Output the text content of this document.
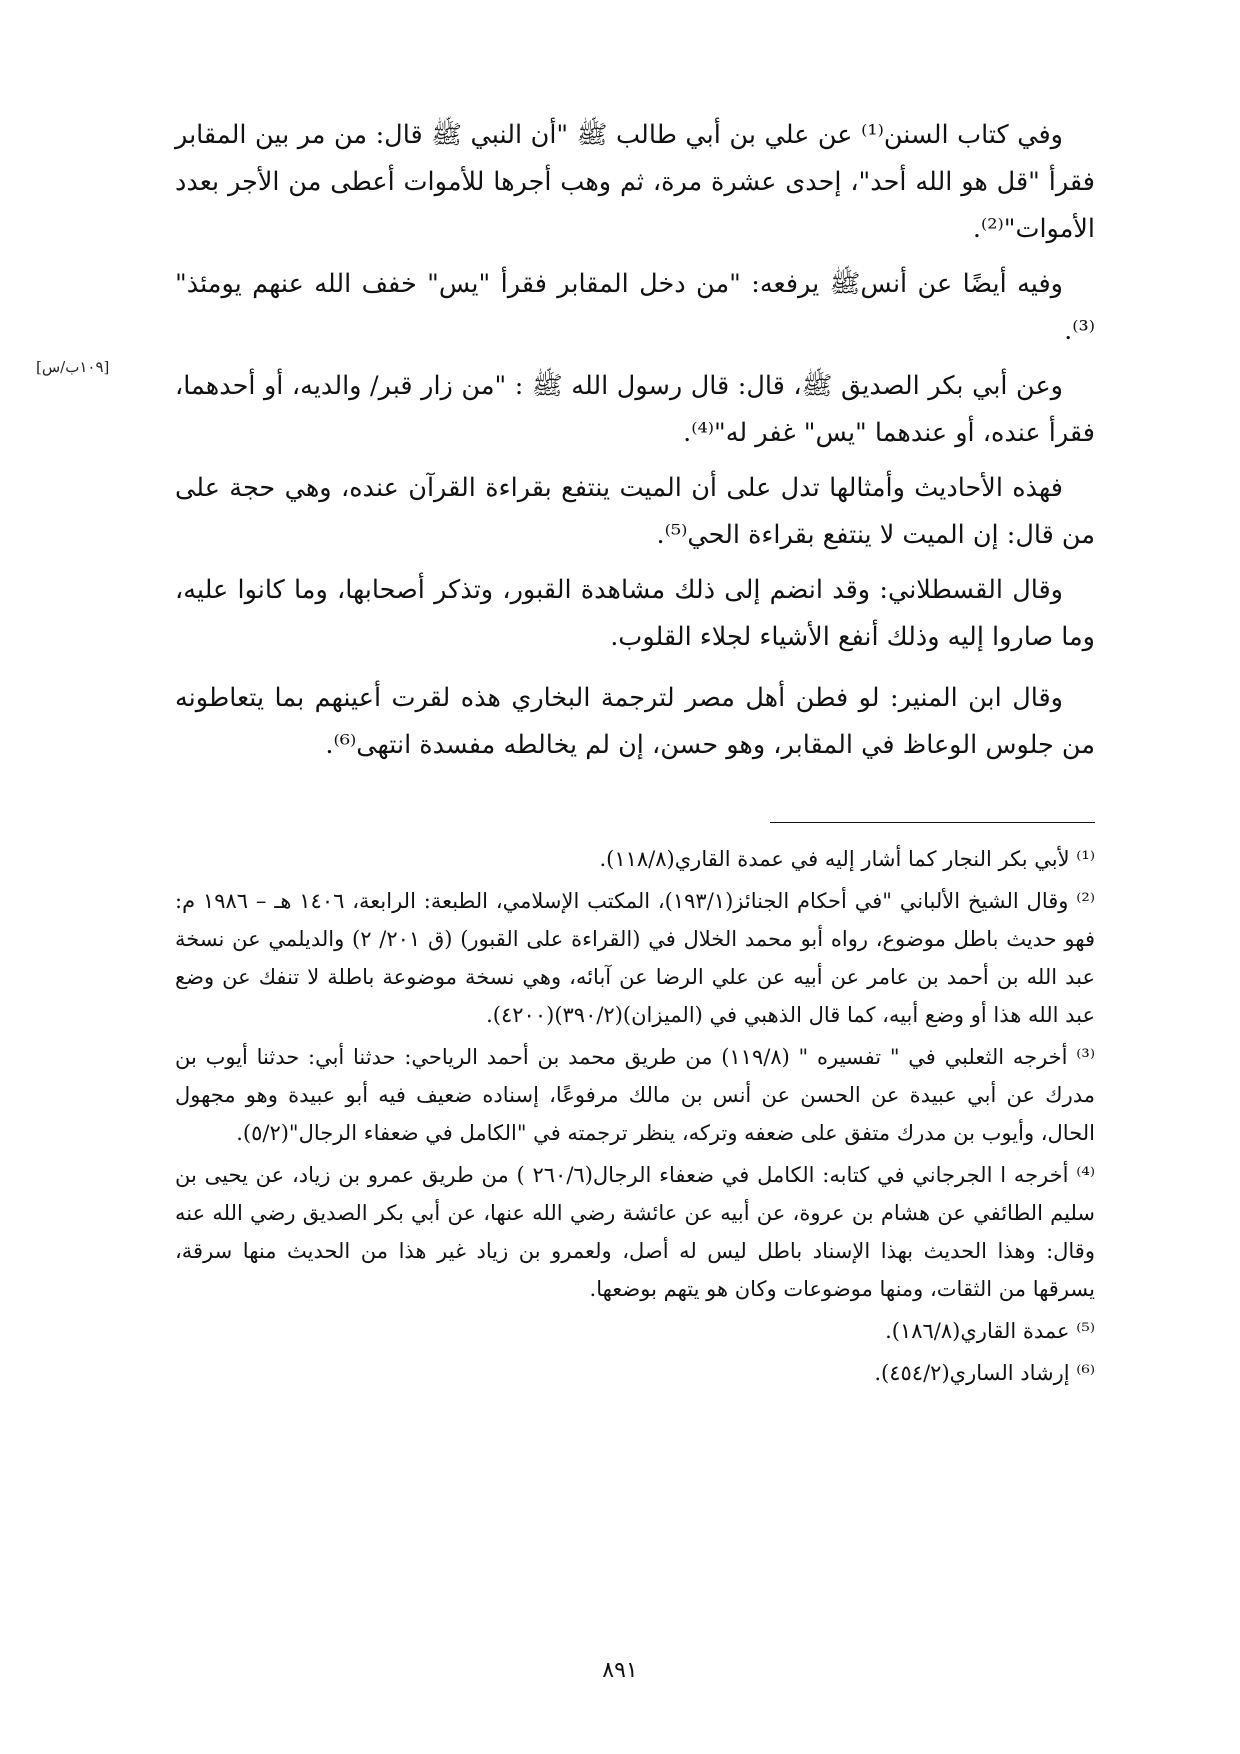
[١٠٩ب/س]

وفي كتاب السنن⁽¹⁾ عن علي بن أبي طالب ﷺ "أن النبي ﷺ قال: من مر بين المقابر فقرأ "قل هو الله أحد"، إحدى عشرة مرة، ثم وهب أجرها للأموات أعطى من الأجر بعدد الأموات"⁽²⁾.

وفيه أيضًا عن أنسﷺ يرفعه: "من دخل المقابر فقرأ "يس" خفف الله عنهم يومئذ" ⁽³⁾.

وعن أبي بكر الصديق ﷺ، قال: قال رسول الله ﷺ : "من زار قبر/ والديه، أو أحدهما، فقرأ عنده، أو عندهما "يس" غفر له"⁽⁴⁾.

فهذه الأحاديث وأمثالها تدل على أن الميت ينتفع بقراءة القرآن عنده، وهي حجة على من قال: إن الميت لا ينتفع بقراءة الحي⁽⁵⁾.

وقال القسطلاني: وقد انضم إلى ذلك مشاهدة القبور، وتذكر أصحابها، وما كانوا عليه، وما صاروا إليه وذلك أنفع الأشياء لجلاء القلوب.

وقال ابن المنير: لو فطن أهل مصر لترجمة البخاري هذه لقرت أعينهم بما يتعاطونه من جلوس الوعاظ في المقابر، وهو حسن، إن لم يخالطه مفسدة انتهى⁽⁶⁾.

⁽¹⁾ لأبي بكر النجار كما أشار إليه في عمدة القاري(١١٨/٨).

⁽²⁾ وقال الشيخ الألباني "في أحكام الجنائز(١٩٣/١)، المكتب الإسلامي، الطبعة: الرابعة، ١٤٠٦ هـ – ١٩٨٦ م: فهو حديث باطل موضوع، رواه أبو محمد الخلال في (القراءة على القبور) (ق ٢٠١/ ٢) والديلمي عن نسخة عبد الله بن أحمد بن عامر عن أبيه عن علي الرضا عن آبائه، وهي نسخة موضوعة باطلة لا تنفك عن وضع عبد الله هذا أو وضع أبيه، كما قال الذهبي في (الميزان)(٣٩٠/٢)(٤٢٠٠).

⁽³⁾ أخرجه الثعلبي في " تفسيره " (١١٩/٨) من طريق محمد بن أحمد الرياحي: حدثنا أبي: حدثنا أيوب بن مدرك عن أبي عبيدة عن الحسن عن أنس بن مالك مرفوعًا، إسناده ضعيف فيه أبو عبيدة وهو مجهول الحال، وأيوب بن مدرك متفق على ضعفه وتركه، ينظر ترجمته في "الكامل في ضعفاء الرجال"(٥/٢).

⁽⁴⁾ أخرجه ا الجرجاني في كتابه: الكامل في ضعفاء الرجال(٢٦٠/٦ ) من طريق عمرو بن زياد، عن يحيى بن سليم الطائفي عن هشام بن عروة، عن أبيه عن عائشة رضي الله عنها، عن أبي بكر الصديق رضي الله عنه وقال: وهذا الحديث بهذا الإسناد باطل ليس له أصل، ولعمرو بن زياد غير هذا من الحديث منها سرقة، يسرقها من الثقات، ومنها موضوعات وكان هو يتهم بوضعها.

⁽⁵⁾ عمدة القاري(١٨٦/٨).

⁽⁶⁾ إرشاد الساري(٤٥٤/٢).

٨٩١
